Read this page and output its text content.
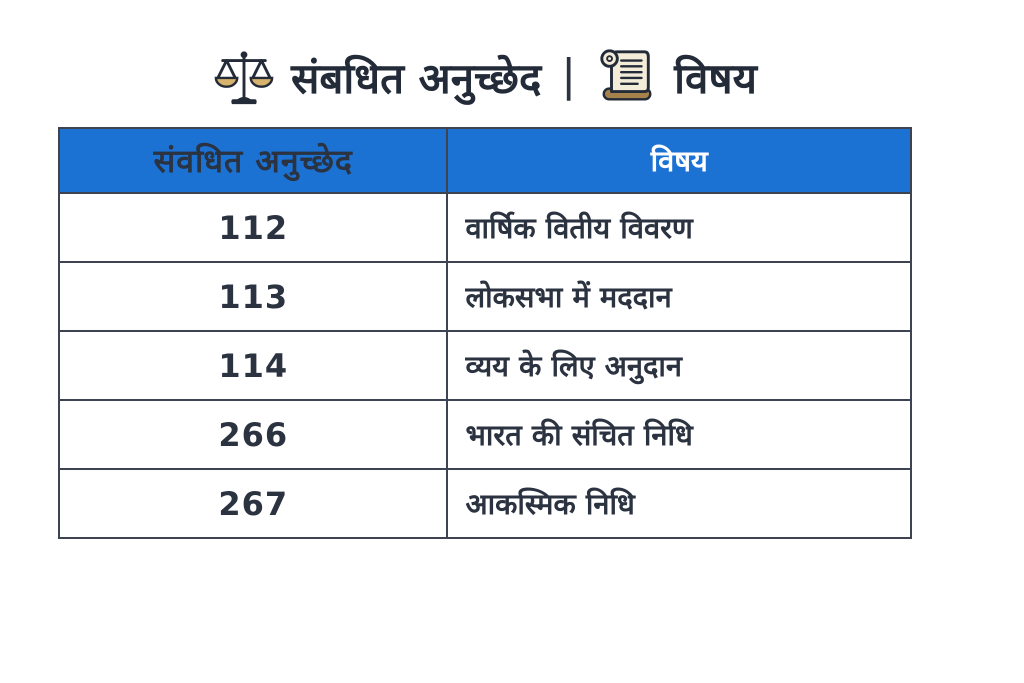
संबधित अनुच्छेद | विषय
संवधित अनुच्छेद	विषय
112	वार्षिक वितीय विवरण
113	लोकसभा में मददान
114	व्यय के लिए अनुदान
266	भारत की संचित निधि
267	आकस्मिक निधि
